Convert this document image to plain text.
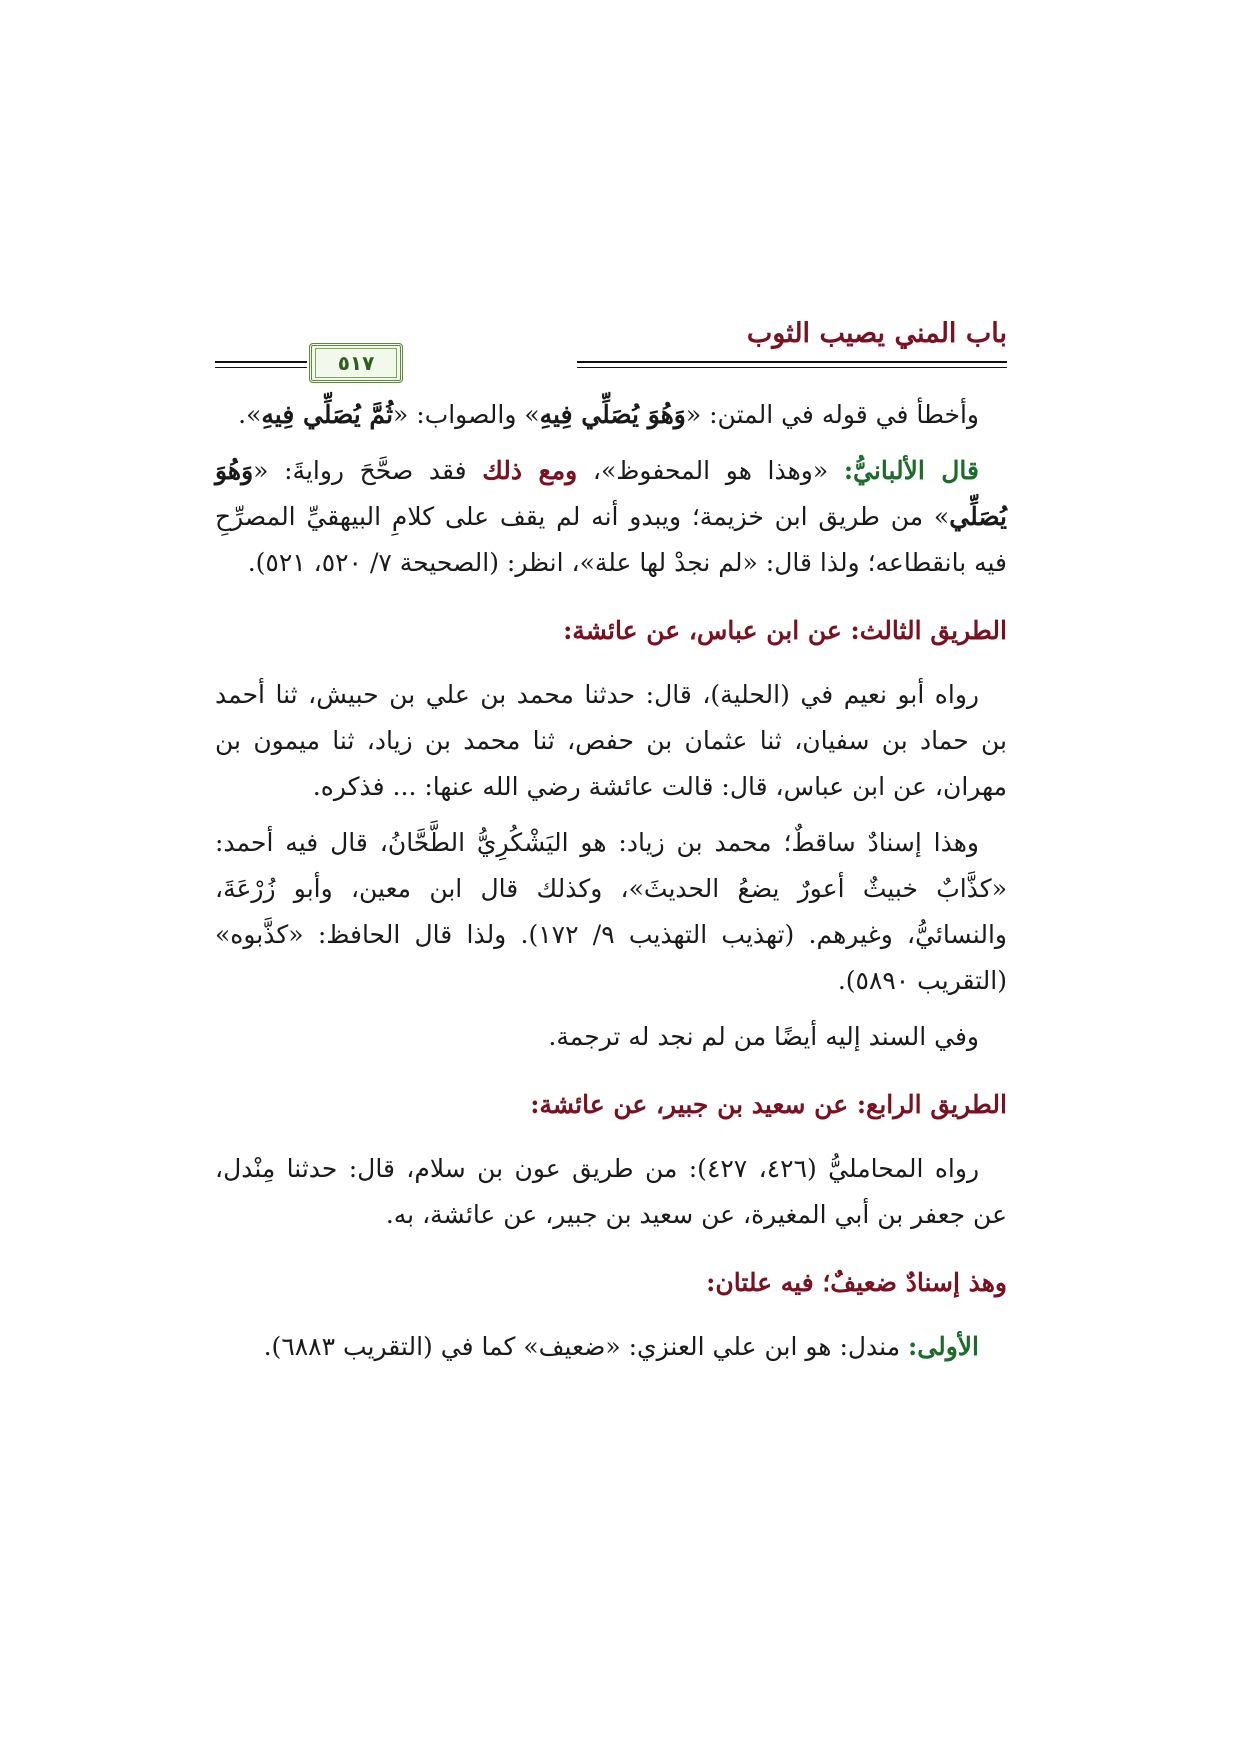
باب المني يصيب الثوب
٥١٧

وأخطأ في قوله في المتن: «وَهُوَ يُصَلِّي فِيهِ» والصواب: «ثُمَّ يُصَلِّي فِيهِ».

قال الألبانيُّ: «وهذا هو المحفوظ»، ومع ذلك فقد صحَّحَ روايةَ: «وَهُوَ يُصَلِّي» من طريق ابن خزيمة؛ ويبدو أنه لم يقف على كلامِ البيهقيِّ المصرِّحِ فيه بانقطاعه؛ ولذا قال: «لم نجدْ لها علة»، انظر: (الصحيحة ٧/ ٥٢٠، ٥٢١).

الطريق الثالث: عن ابن عباس، عن عائشة:

رواه أبو نعيم في (الحلية)، قال: حدثنا محمد بن علي بن حبيش، ثنا أحمد بن حماد بن سفيان، ثنا عثمان بن حفص، ثنا محمد بن زياد، ثنا ميمون بن مهران، عن ابن عباس، قال: قالت عائشة رضي الله عنها: ... فذكره.

وهذا إسنادٌ ساقطٌ؛ محمد بن زياد: هو اليَشْكُرِيُّ الطَّحَّانُ، قال فيه أحمد: «كذَّابٌ خبيثٌ أعورٌ يضعُ الحديثَ»، وكذلك قال ابن معين، وأبو زُرْعَةَ، والنسائيُّ، وغيرهم. (تهذيب التهذيب ٩/ ١٧٢). ولذا قال الحافظ: «كذَّبوه» (التقريب ٥٨٩٠).

وفي السند إليه أيضًا من لم نجد له ترجمة.

الطريق الرابع: عن سعيد بن جبير، عن عائشة:

رواه المحامليُّ (٤٢٦، ٤٢٧): من طريق عون بن سلام، قال: حدثنا مِنْدل، عن جعفر بن أبي المغيرة، عن سعيد بن جبير، عن عائشة، به.

وهذ إسنادٌ ضعيفٌ؛ فيه علتان:

الأولى: مندل: هو ابن علي العنزي: «ضعيف» كما في (التقريب ٦٨٨٣).
